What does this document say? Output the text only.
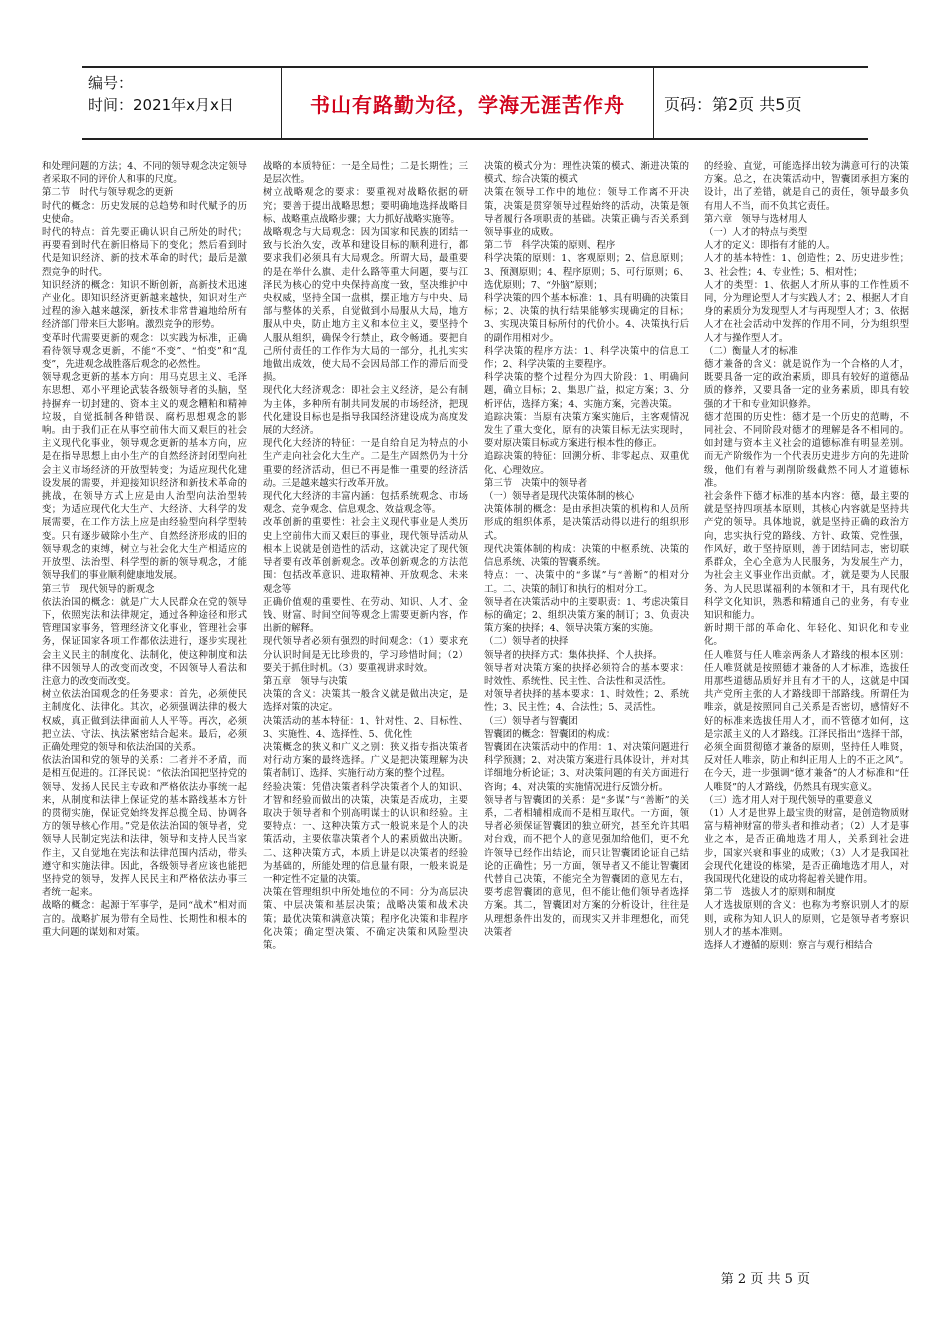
编号：
时间：2021年x月x日	书山有路勤为径，学海无涯苦作舟	页码：第2页 共5页

和处理问题的方法；4、不同的领导观念决定领导者采取不同的评价人和事的尺度。

第二节　时代与领导观念的更新

时代的概念：历史发展的总趋势和时代赋予的历史使命。

时代的特点：首先要正确认识自己所处的时代；再要看到时代在新旧格局下的变化；然后看到时代是知识经济、新的技术革命的时代；最后是激烈竞争的时代。

知识经济的概念：知识不断创新，高新技术迅速产业化。即知识经济更新越来越快，知识对生产过程的渗入越来越深，新技术非常普遍地给所有经济部门带来巨大影响。激烈竞争的形势。

变革时代需要更新的观念：以实践为标准，正确看待领导观念更新，不能“不变”、“怕变”和“乱变”，先进观念战胜落后观念的必然性。

领导观念更新的基本方向：用马克思主义、毛泽东思想、邓小平理论武装各级领导者的头脑，坚持摒弃一切封建的、资本主义的观念糟粕和精神垃圾，自觉抵制各种错误、腐朽思想观念的影响。由于我们正在从事空前伟大而又艰巨的社会主义现代化事业，领导观念更新的基本方向，应是在指导思想上由小生产的自然经济封闭型向社会主义市场经济的开放型转变；为适应现代化建设发展的需要，并迎接知识经济和新技术革命的挑战，在领导方式上应是由人治型向法治型转变；为适应现代化大生产、大经济、大科学的发展需要，在工作方法上应是由经验型向科学型转变。只有逐步破除小生产、自然经济形成的旧的领导观念的束缚，树立与社会化大生产相适应的开放型、法治型、科学型的新的领导观念，才能领导我们的事业顺利健康地发展。

第三节　现代领导的新观念

依法治国的概念：就是广大人民群众在党的领导下，依照宪法和法律规定，通过各种途径和形式管理国家事务，管理经济文化事业，管理社会事务，保证国家各项工作都依法进行，逐步实现社会主义民主的制度化、法制化，使这种制度和法律不因领导人的改变而改变，不因领导人看法和注意力的改变而改变。

树立依法治国观念的任务要求：首先，必须使民主制度化、法律化。其次，必须强调法律的极大权威，真正做到法律面前人人平等。再次，必须把立法、守法、执法紧密结合起来。最后，必须正确处理党的领导和依法治国的关系。

依法治国和党的领导的关系：二者并不矛盾，而是相互促进的。江泽民说：“依法治国把坚持党的领导、发扬人民民主专政和严格依法办事统一起来，从制度和法律上保证党的基本路线基本方针的贯彻实施，保证党始终发挥总揽全局、协调各方的领导核心作用。”党是依法治国的领导者，党领导人民制定宪法和法律，领导和支持人民当家作主，又自觉地在宪法和法律范围内活动，带头遵守和实施法律。因此，各级领导者应该也能把坚持党的领导，发挥人民民主和严格依法办事三者统一起来。

战略的概念：起源于军事学，是同“战术”相对而言的。战略扩展为带有全局性、长期性和根本的重大问题的谋划和对策。

战略的本质特征：一是全局性；二是长期性；三是层次性。

树立战略观念的要求：要重视对战略依据的研究；要善于提出战略思想；要明确地选择战略目标、战略重点战略步骤；大力抓好战略实施等。

战略观念与大局观念：因为国家和民族的团结一致与长治久安，改革和建设目标的顺利进行，都要求我们必须具有大局观念。所谓大局，最重要的是在举什么旗、走什么路等重大问题，要与江泽民为核心的党中央保持高度一致，坚决维护中央权威，坚持全国一盘棋，摆正地方与中央、局部与整体的关系，自觉做到小局服从大局，地方服从中央，防止地方主义和本位主义，要坚持个人服从组织，确保令行禁止，政令畅通。要把自己所付责任的工作作为大局的一部分，扎扎实实地做出成效，使大局不会因局部工作的滞后而受损。

现代化大经济观念：即社会主义经济，是公有制为主体，多种所有制共同发展的市场经济，把现代化建设目标也是指导我国经济建设成为高度发展的大经济。

现代化大经济的特征：一是自给自足为特点的小生产走向社会化大生产。二是生产固然仍为十分重要的经济活动，但已不再是惟一重要的经济活动。三是越来越实行改革开放。

现代化大经济的丰富内涵：包括系统观念、市场观念、竞争观念、信息观念、效益观念等。

改革创新的重要性：社会主义现代事业是人类历史上空前伟大而又艰巨的事业，现代领导活动从根本上说就是创造性的活动，这就决定了现代领导者要有改革创新观念。改革创新观念的方法范围：包括改革意识、进取精神、开放观念、未来观念等

正确价值观的重要性、在劳动、知识、人才、金钱、财富、时间空间等观念上需要更新内容，作出新的解释。

现代领导者必须有强烈的时间观念：（1）要求充分认识时间是无比珍贵的，学习珍惜时间；（2）要关于抓住时机。（3）要重视讲求时效。

第五章　领导与决策

决策的含义：决策其一般含义就是做出决定，是选择对策的决定。

决策活动的基本特征：1、针对性、2、目标性、3、实施性、4、选择性、5、优化性

决策概念的狭义和广义之别：狭义指专指决策者对行动方案的最终选择。广义是把决策理解为决策者制订、选择、实施行动方案的整个过程。

经验决策：凭借决策者科学决策者个人的知识、才智和经验而做出的决策，决策是否成功，主要取决于领导者和个别高明谋士的认识和经验。主要特点：一、这种决策方式一般说来是个人的决策活动，主要依靠决策者个人的素质做出决断。二、这种决策方式，本质上讲是以决策者的经验为基础的，所能处理的信息量有限，一般来说是一种定性不定量的决策。

决策在管理组织中所处地位的不同：分为高层决策、中层决策和基层决策；战略决策和战术决策；最优决策和满意决策；程序化决策和非程序化决策；确定型决策、不确定决策和风险型决策。

决策的模式分为：理性决策的模式、渐进决策的模式、综合决策的模式

决策在领导工作中的地位：领导工作离不开决策，决策是贯穿领导过程始终的活动，决策是领导者履行各项职责的基础。决策正确与否关系到领导事业的成败。

第二节　科学决策的原则、程序

科学决策的原则：1、客观原则；2、信息原则；3、预测原则；4、程序原则；5、可行原则；6、选优原则；7、“外脑”原则；

科学决策的四个基本标准：1、具有明确的决策目标；2、决策的执行结果能够实现确定的目标；3、实现决策目标所付的代价小。4、决策执行后的副作用相对少。

科学决策的程序方法：1、科学决策中的信息工作；2、科学决策的主要程序。

科学决策的整个过程分为四大阶段：1、明确问题，确立目标；2、集思广益，拟定方案；3、分析评估，选择方案；4、实施方案，完善决策。

追踪决策：当原有决策方案实施后，主客观情况发生了重大变化，原有的决策目标无法实现时，要对原决策目标或方案进行根本性的修正。

追踪决策的特征：回溯分析、非零起点、双重优化、心理效应。

第三节　决策中的领导者

（一）领导者是现代决策体制的核心

决策体制的概念：是由承担决策的机构和人员所形成的组织体系，是决策活动得以进行的组织形式。

现代决策体制的构成：决策的中枢系统、决策的信息系统、决策的智囊系统。

特点：一、决策中的“多谋”与“善断”的相对分工。二、决策的制订和执行的相对分工。

领导者在决策活动中的主要职责：1、考虑决策目标的确定；2、组织决策方案的制订；3、负责决策方案的抉择；4、领导决策方案的实施。

（二）领导者的抉择

领导者的抉择方式：集体抉择、个人抉择。

领导者对决策方案的抉择必须符合的基本要求：时效性、系统性、民主性、合法性和灵活性。

对领导者抉择的基本要求：1、时效性；2、系统性；3、民主性；4、合法性；5、灵活性。

（三）领导者与智囊团

智囊团的概念：智囊团的构成：

智囊团在决策活动中的作用：1、对决策问题进行科学预测；2、对决策方案进行具体设计，并对其详细地分析论证；3、对决策问题的有关方面进行咨询；4、对决策的实施情况进行反馈分析。

领导者与智囊团的关系：是“多谋”与“善断”的关系，二者相辅相成而不是相互取代。一方面，领导者必须保证智囊团的独立研究，甚至允许其唱对台戏，而不把个人的意见强加给他们，更不允许领导已经作出结论，而只让智囊团论证自己结论的正确性；另一方面，领导者又不能让智囊团代替自己决策，不能完全为智囊团的意见左右，要考虑智囊团的意见，但不能让他们领导者选择方案。其二，智囊团对方案的分析设计，往往是从理想条件出发的，而现实又并非理想化，而凭决策者

的经验、直觉，可能选择出较为满意可行的决策方案。总之，在决策活动中，智囊团承担方案的设计，出了差错，就是自己的责任，领导最多负有用人不当，而不负其它责任。

第六章　领导与选材用人

（一）人才的特点与类型

人才的定义：即指有才能的人。

人才的基本特性：1、创造性；2、历史进步性；3、社会性；4、专业性；5、相对性；

人才的类型：1、依据人才所从事的工作性质不同，分为理论型人才与实践人才；2、根据人才自身的素质分为发现型人才与再现型人才；3、依据人才在社会活动中发挥的作用不同，分为组织型人才与操作型人才。

（二）衡量人才的标准

德才兼备的含义：就是说作为一个合格的人才，既要具备一定的政治素质，即具有较好的道德品质的修养，又要具备一定的业务素质，即具有较强的才干和专业知识修养。

德才范围的历史性：德才是一个历史的范畴，不同社会、不同阶段对德才的理解是各不相同的。如封建与资本主义社会的道德标准有明显差别。而无产阶级作为一个代表历史进步方向的先进阶级，他们有着与剥削阶级截然不同人才道德标准。

社会条件下德才标准的基本内容：德，最主要的就是坚持四项基本原则，其核心内容就是坚持共产党的领导。具体地说，就是坚持正确的政治方向，忠实执行党的路线、方针、政策、党性强，作风好，敢于坚持原则，善于团结同志，密切联系群众，全心全意为人民服务，为发展生产力，为社会主义事业作出贡献。才，就是要为人民服务、为人民思谋福利的本领和才干，具有现代化科学文化知识，熟悉和精通自己的业务，有专业知识和能力。

新时期干部的革命化、年轻化、知识化和专业化。

任人唯贤与任人唯亲两条人才路线的根本区别：任人唯贤就是按照德才兼备的人才标准，选拔任用那些道德品质好并且有才干的人，这就是中国共产党所主张的人才路线即干部路线。所谓任为唯亲，就是按照同自己关系是否密切，感情好不好的标准来选拔任用人才，而不管德才如何，这是宗派主义的人才路线。江泽民指出“选择干部，必须全面贯彻德才兼备的原则，坚持任人唯贤，反对任人唯亲，防止和纠正用人上的不正之风”。在今天，进一步强调“德才兼备”的人才标准和“任人唯贤”的人才路线，仍然具有现实意义。

（三）选才用人对于现代领导的重要意义

（1）人才是世界上最宝贵的财富，是创造物质财富与精神财富的带头者和推动者；（2）人才是事业之本，是否正确地选才用人，关系到社会进步，国家兴衰和事业的成败；（3）人才是我国社会现代化建设的栋梁，是否正确地选才用人，对我国现代化建设的成功将起着关键作用。

第二节　选拔人才的原则和制度

人才选拔原则的含义：也称为考察识别人才的原则，或称为知人识人的原则，它是领导者考察识别人才的基本准则。

选择人才遵循的原则：察言与观行相结合

第 2 页 共 5 页
